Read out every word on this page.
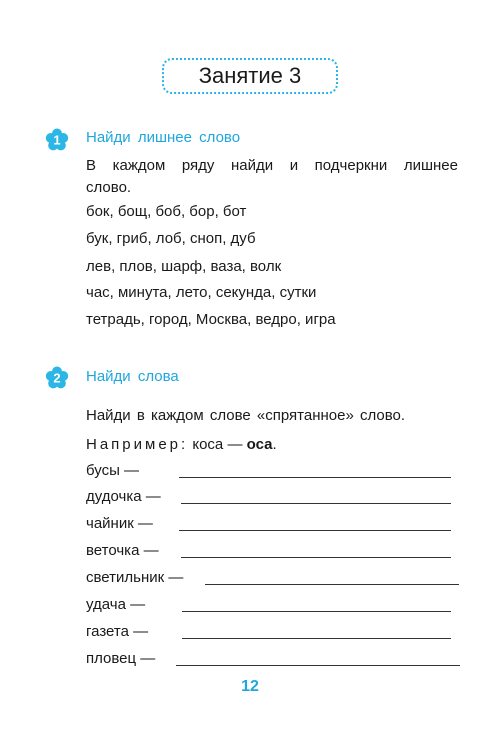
Занятие 3
1 Найди лишнее слово
В каждом ряду найди и подчеркни лишнее
слово.
бок, бощ, боб, бор, бот
бук, гриб, лоб, сноп, дуб
лев, плов, шарф, ваза, волк
час, минута, лето, секунда, сутки
тетрадь, город, Москва, ведро, игра
2 Найди слова
Найди в каждом слове «спрятанное» слово.
Например: коса — оса.
бусы —
дудочка —
чайник —
веточка —
светильник —
удача —
газета —
пловец —
12
